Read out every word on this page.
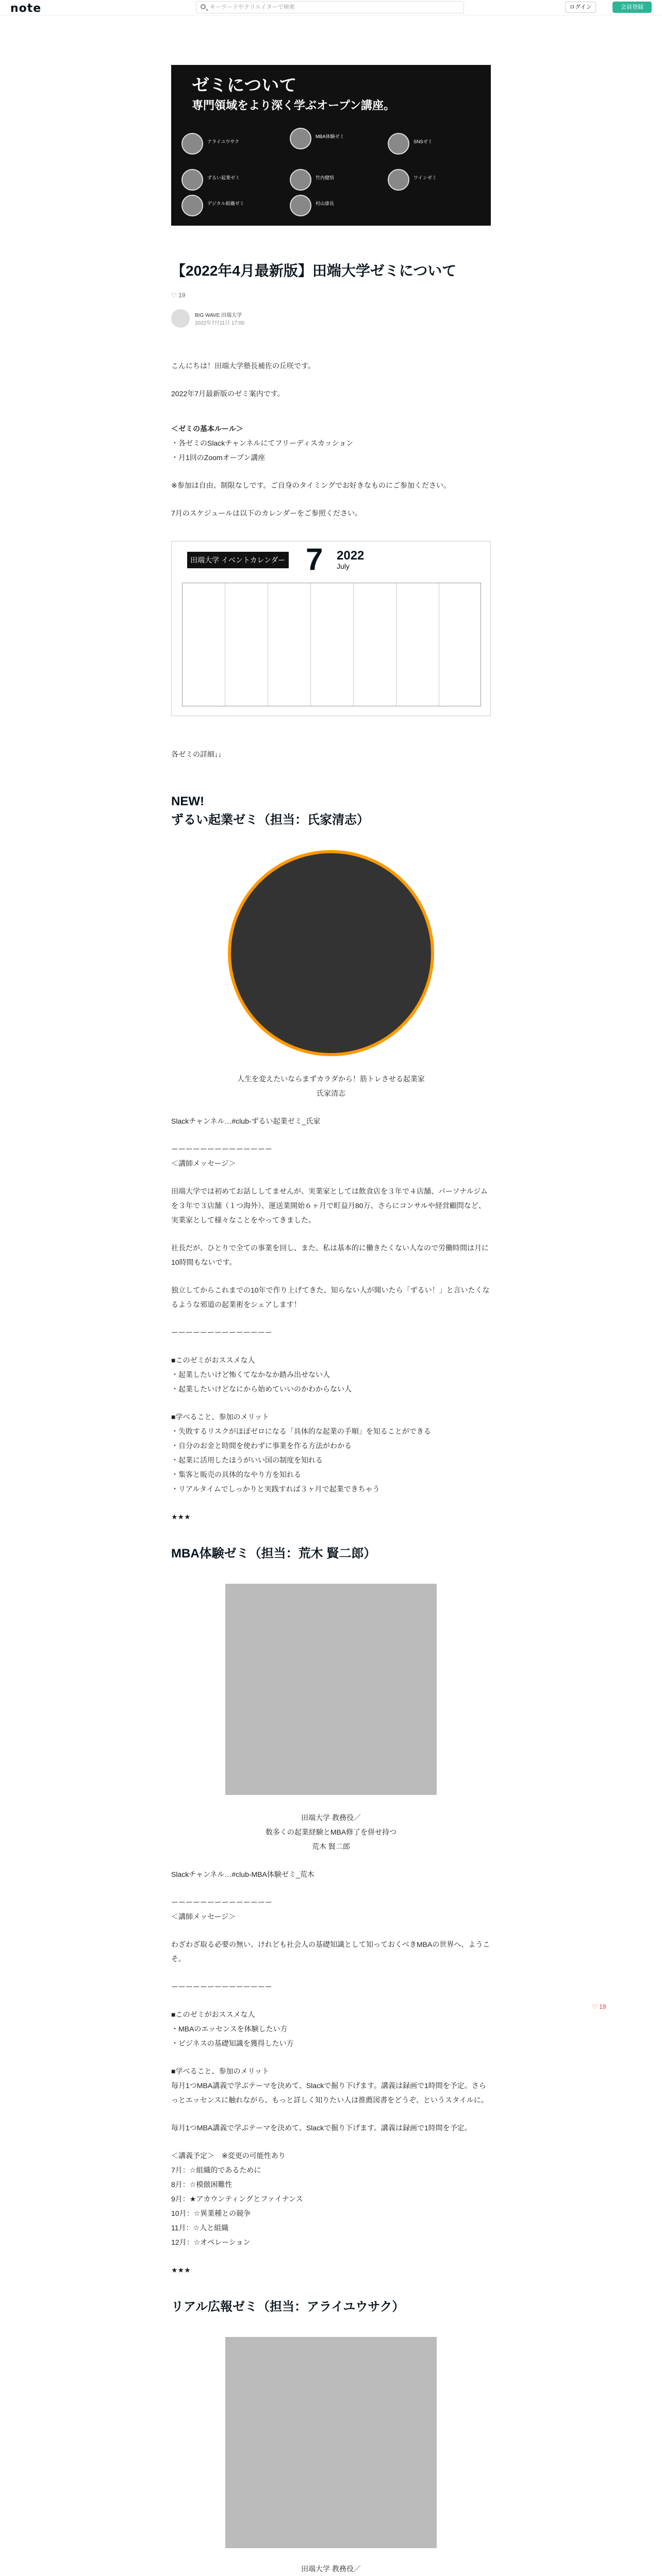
note	キーワードやクリエイターで検索	ログイン	会員登録
ゼミについて
専門領域をより深く学ぶオープン講座。
アライユウサク
MBA体験ゼミ
ずるい起業ゼミ	竹内健悟
デジタル組織ゼミ	村山康長
ワインゼミ
SNSゼミ
【2022年4月最新版】田端大学ゼミについて
♡ 19
BIG WAVE 田端大学
2022年7月11日 17:00

こんにちは！田端大学塾長補佐の丘咲です。

2022年7月最新版のゼミ案内です。

＜ゼミの基本ルール＞

・各ゼミのSlackチャンネルにてフリーディスカッション
・月1回のZoomオープン講座

※参加は自由、制限なしです。ご自身のタイミングでお好きなものにご参加ください。

7月のスケジュールは以下のカレンダーをご参照ください。

田端大学 イベントカレンダー 7 2022
July

各ゼミの詳細↓↓

NEW!
ずるい起業ゼミ（担当：氏家清志）

人生を変えたいならまずカラダから！筋トレさせる起業家

氏家清志

Slackチャンネル…#club-ずるい起業ゼミ_氏家

ーーーーーーーーーーーーーー

＜講師メッセージ＞

田端大学では初めてお話ししてませんが、実業家としては飲食店を３年で４店舗、パーソナルジムを３年で３店舗（１つ海外）、運送業開始６ヶ月で町益月80万、さらにコンサルや経営顧問など、実業家として様々なことをやってきました。

社長だが、ひとりで全ての事業を回し、また、私は基本的に働きたくない人なので労働時間は月に10時間もないです。

独立してからこれまでの10年で作り上げてきた、知らない人が聞いたら「ずるい！」と言いたくなるような邪道の起業術をシェアします！

ーーーーーーーーーーーーーー

■このゼミがおススメな人

・起業したいけど怖くてなかなか踏み出せない人
・起業したいけどなにから始めていいのかわからない人

■学べること、参加のメリット

・失敗するリスクがほぼゼロになる「具体的な起業の手順」を知ることができる
・自分のお金と時間を使わずに事業を作る方法がわかる
・起業に活用したほうがいい国の制度を知れる
・集客と販売の具体的なやり方を知れる
・リアルタイムでしっかりと実践すれば３ヶ月で起業できちゃう

★★★

MBA体験ゼミ（担当：荒木 賢二郎）

田端大学 教務役／

数多くの起業経験とMBA修了を併せ持つ
荒木 賢二郎

Slackチャンネル…#club-MBA体験ゼミ_荒木

ーーーーーーーーーーーーーー

＜講師メッセージ＞

わざわざ取る必要の無い、けれども社会人の基礎知識として知っておくべきMBAの世界へ、ようこそ。

ーーーーーーーーーーーーーー

■このゼミがおススメな人

・MBAのエッセンスを体験したい方
・ビジネスの基礎知識を獲得したい方

■学べること、参加のメリット

毎月1つMBA講義で学ぶテーマを決めて、Slackで掘り下げます。講義は録画で1時間を予定。さらっとエッセンスに触れながら、もっと詳しく知りたい人は推薦図書をどうぞ、というスタイルに。

毎月1つMBA講義で学ぶテーマを決めて、Slackで掘り下げます。講義は録画で1時間を予定。

＜講義予定＞　※変更の可能性あり

7月：☆組織的であるために
8月：☆模倣困難性
9月：★アカウンティングとファイナンス
10月：☆異業種との競争
11月：☆人と組織
12月：☆オペレーション

★★★

リアル広報ゼミ（担当：アライユウサク）

田端大学 教務役／

♡ 19
